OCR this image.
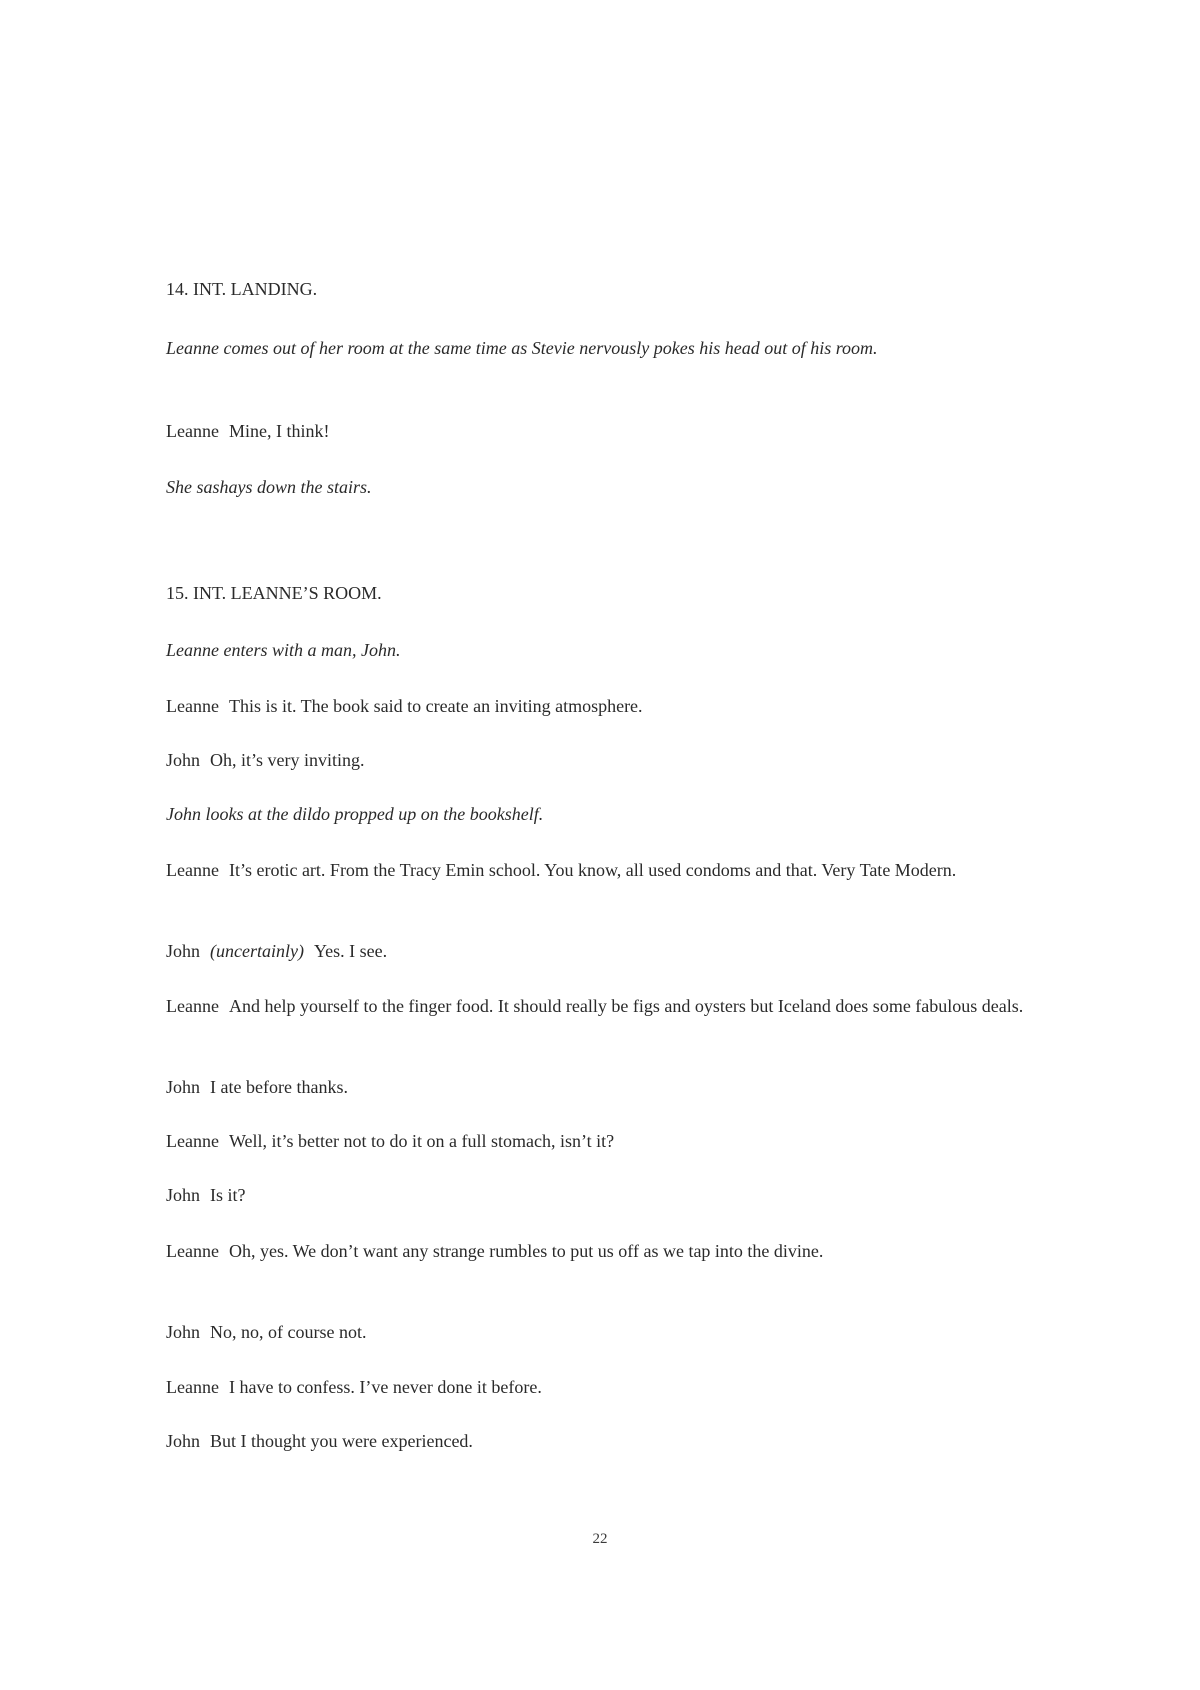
14. INT. LANDING.

Leanne comes out of her room at the same time as Stevie nervously pokes his head out of his room.

Leanne Mine, I think!

She sashays down the stairs.

15. INT. LEANNE’S ROOM.

Leanne enters with a man, John.

Leanne This is it. The book said to create an inviting atmosphere.

John Oh, it’s very inviting.

John looks at the dildo propped up on the bookshelf.

Leanne It’s erotic art. From the Tracy Emin school. You know, all used condoms and that. Very Tate Modern.

John (uncertainly) Yes. I see.

Leanne And help yourself to the finger food. It should really be figs and oysters but Iceland does some fabulous deals.

John I ate before thanks.

Leanne Well, it’s better not to do it on a full stomach, isn’t it?

John Is it?

Leanne Oh, yes. We don’t want any strange rumbles to put us off as we tap into the divine.

John No, no, of course not.

Leanne I have to confess. I’ve never done it before.

John But I thought you were experienced.

22
